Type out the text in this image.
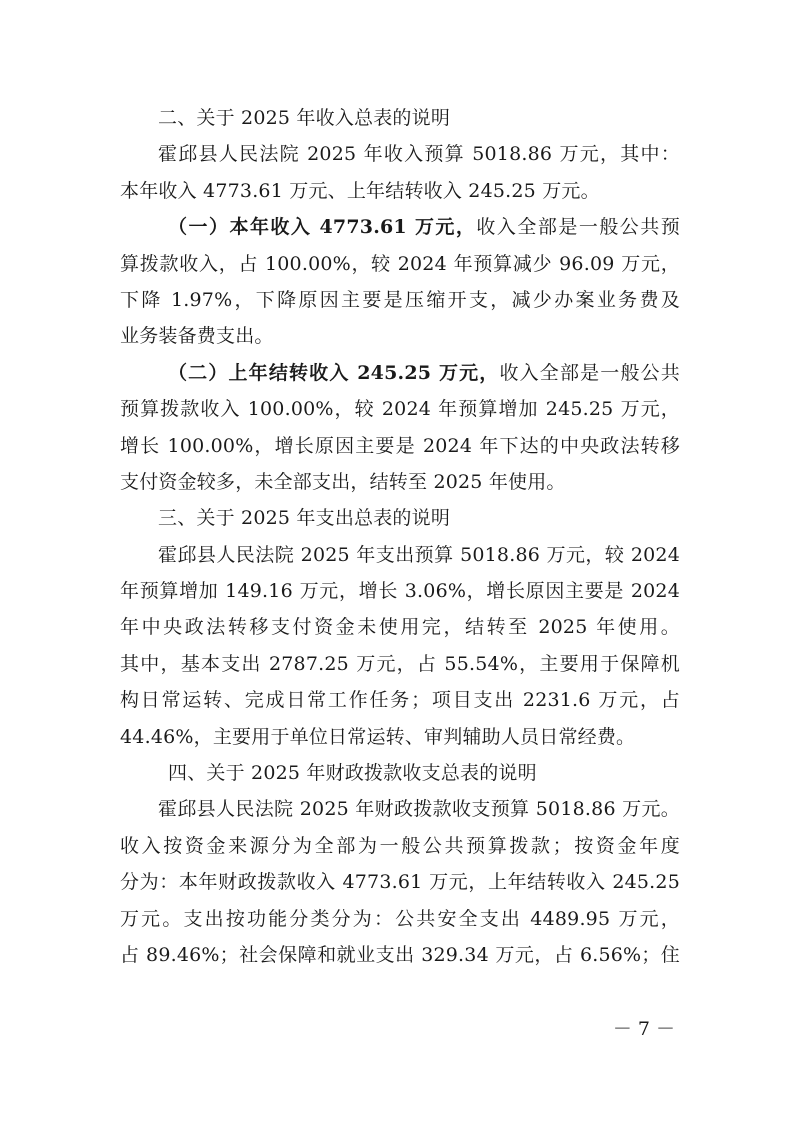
二、关于 2025 年收入总表的说明
霍邱县人民法院 2025 年收入预算 5018.86 万元，其中：
本年收入 4773.61 万元、上年结转收入 245.25 万元。
（一）本年收入 4773.61 万元，收入全部是一般公共预
算拨款收入，占 100.00%，较 2024 年预算减少 96.09 万元，
下降 1.97%，下降原因主要是压缩开支，减少办案业务费及
业务装备费支出。
（二）上年结转收入 245.25 万元，收入全部是一般公共
预算拨款收入 100.00%，较 2024 年预算增加 245.25 万元，
增长 100.00%，增长原因主要是 2024 年下达的中央政法转移
支付资金较多，未全部支出，结转至 2025 年使用。
三、关于 2025 年支出总表的说明
霍邱县人民法院 2025 年支出预算 5018.86 万元，较 2024
年预算增加 149.16 万元，增长 3.06%，增长原因主要是 2024
年中央政法转移支付资金未使用完，结转至 2025 年使用。
其中，基本支出 2787.25 万元，占 55.54%，主要用于保障机
构日常运转、完成日常工作任务；项目支出 2231.6 万元，占
44.46%，主要用于单位日常运转、审判辅助人员日常经费。
四、关于 2025 年财政拨款收支总表的说明
霍邱县人民法院 2025 年财政拨款收支预算 5018.86 万元。
收入按资金来源分为全部为一般公共预算拨款；按资金年度
分为：本年财政拨款收入 4773.61 万元，上年结转收入 245.25
万元。支出按功能分类分为：公共安全支出 4489.95 万元，
占 89.46%；社会保障和就业支出 329.34 万元，占 6.56%；住
－ 7 －
